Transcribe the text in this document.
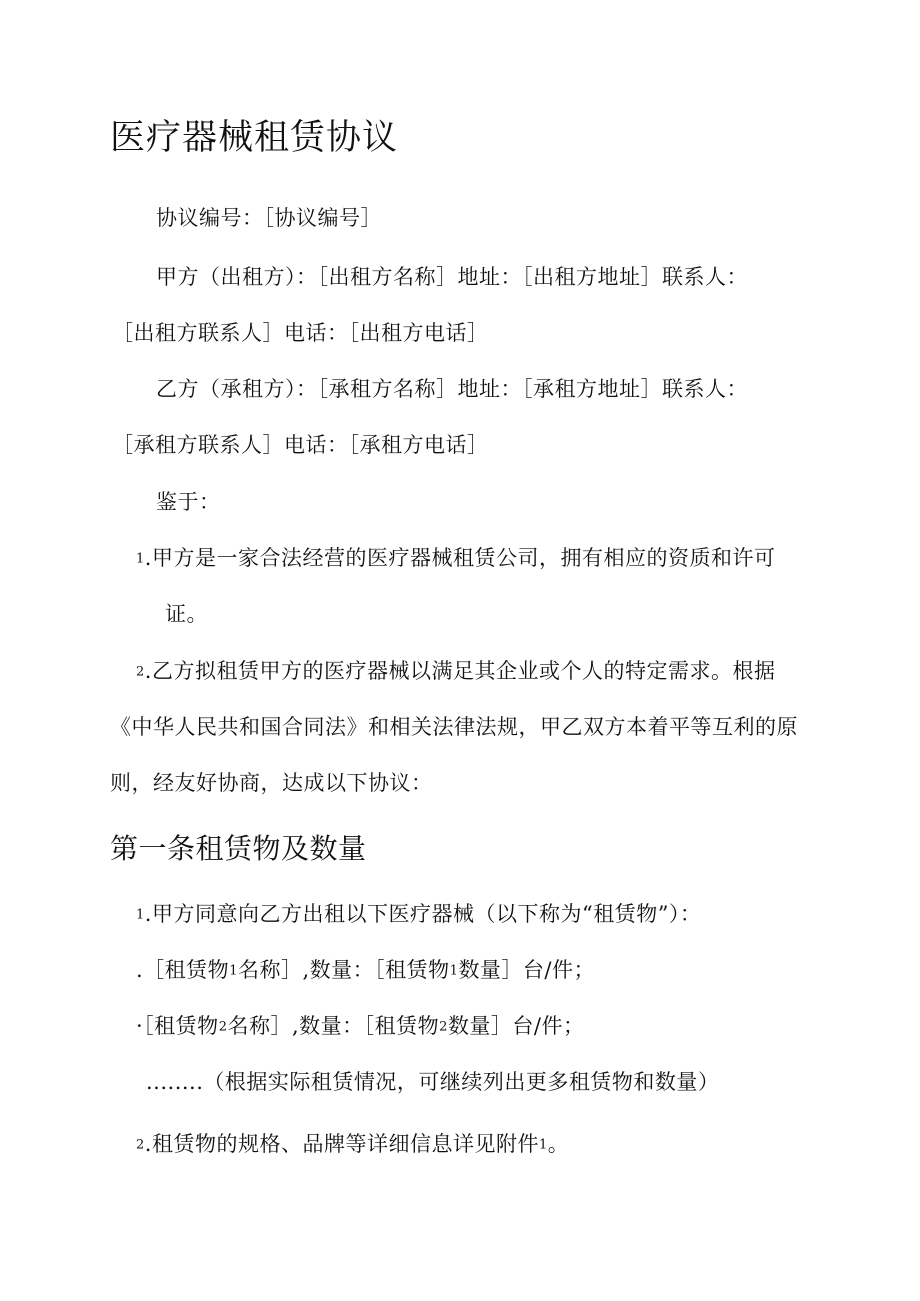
医疗器械租赁协议
协议编号：［协议编号］
甲方（出租方）：［出租方名称］地址：［出租方地址］联系人：
［出租方联系人］电话：［出租方电话］
乙方（承租方）：［承租方名称］地址：［承租方地址］联系人：
［承租方联系人］电话：［承租方电话］
鉴于：
1.甲方是一家合法经营的医疗器械租赁公司，拥有相应的资质和许可
证。
2.乙方拟租赁甲方的医疗器械以满足其企业或个人的特定需求。根据
《中华人民共和国合同法》和相关法律法规，甲乙双方本着平等互利的原
则，经友好协商，达成以下协议：
第一条租赁物及数量
1.甲方同意向乙方出租以下医疗器械（以下称为“租赁物”）：
.［租赁物1名称］,数量：［租赁物1数量］台/件；
·［租赁物2名称］,数量：［租赁物2数量］台/件；
........（根据实际租赁情况，可继续列出更多租赁物和数量）
2.租赁物的规格、品牌等详细信息详见附件1。
